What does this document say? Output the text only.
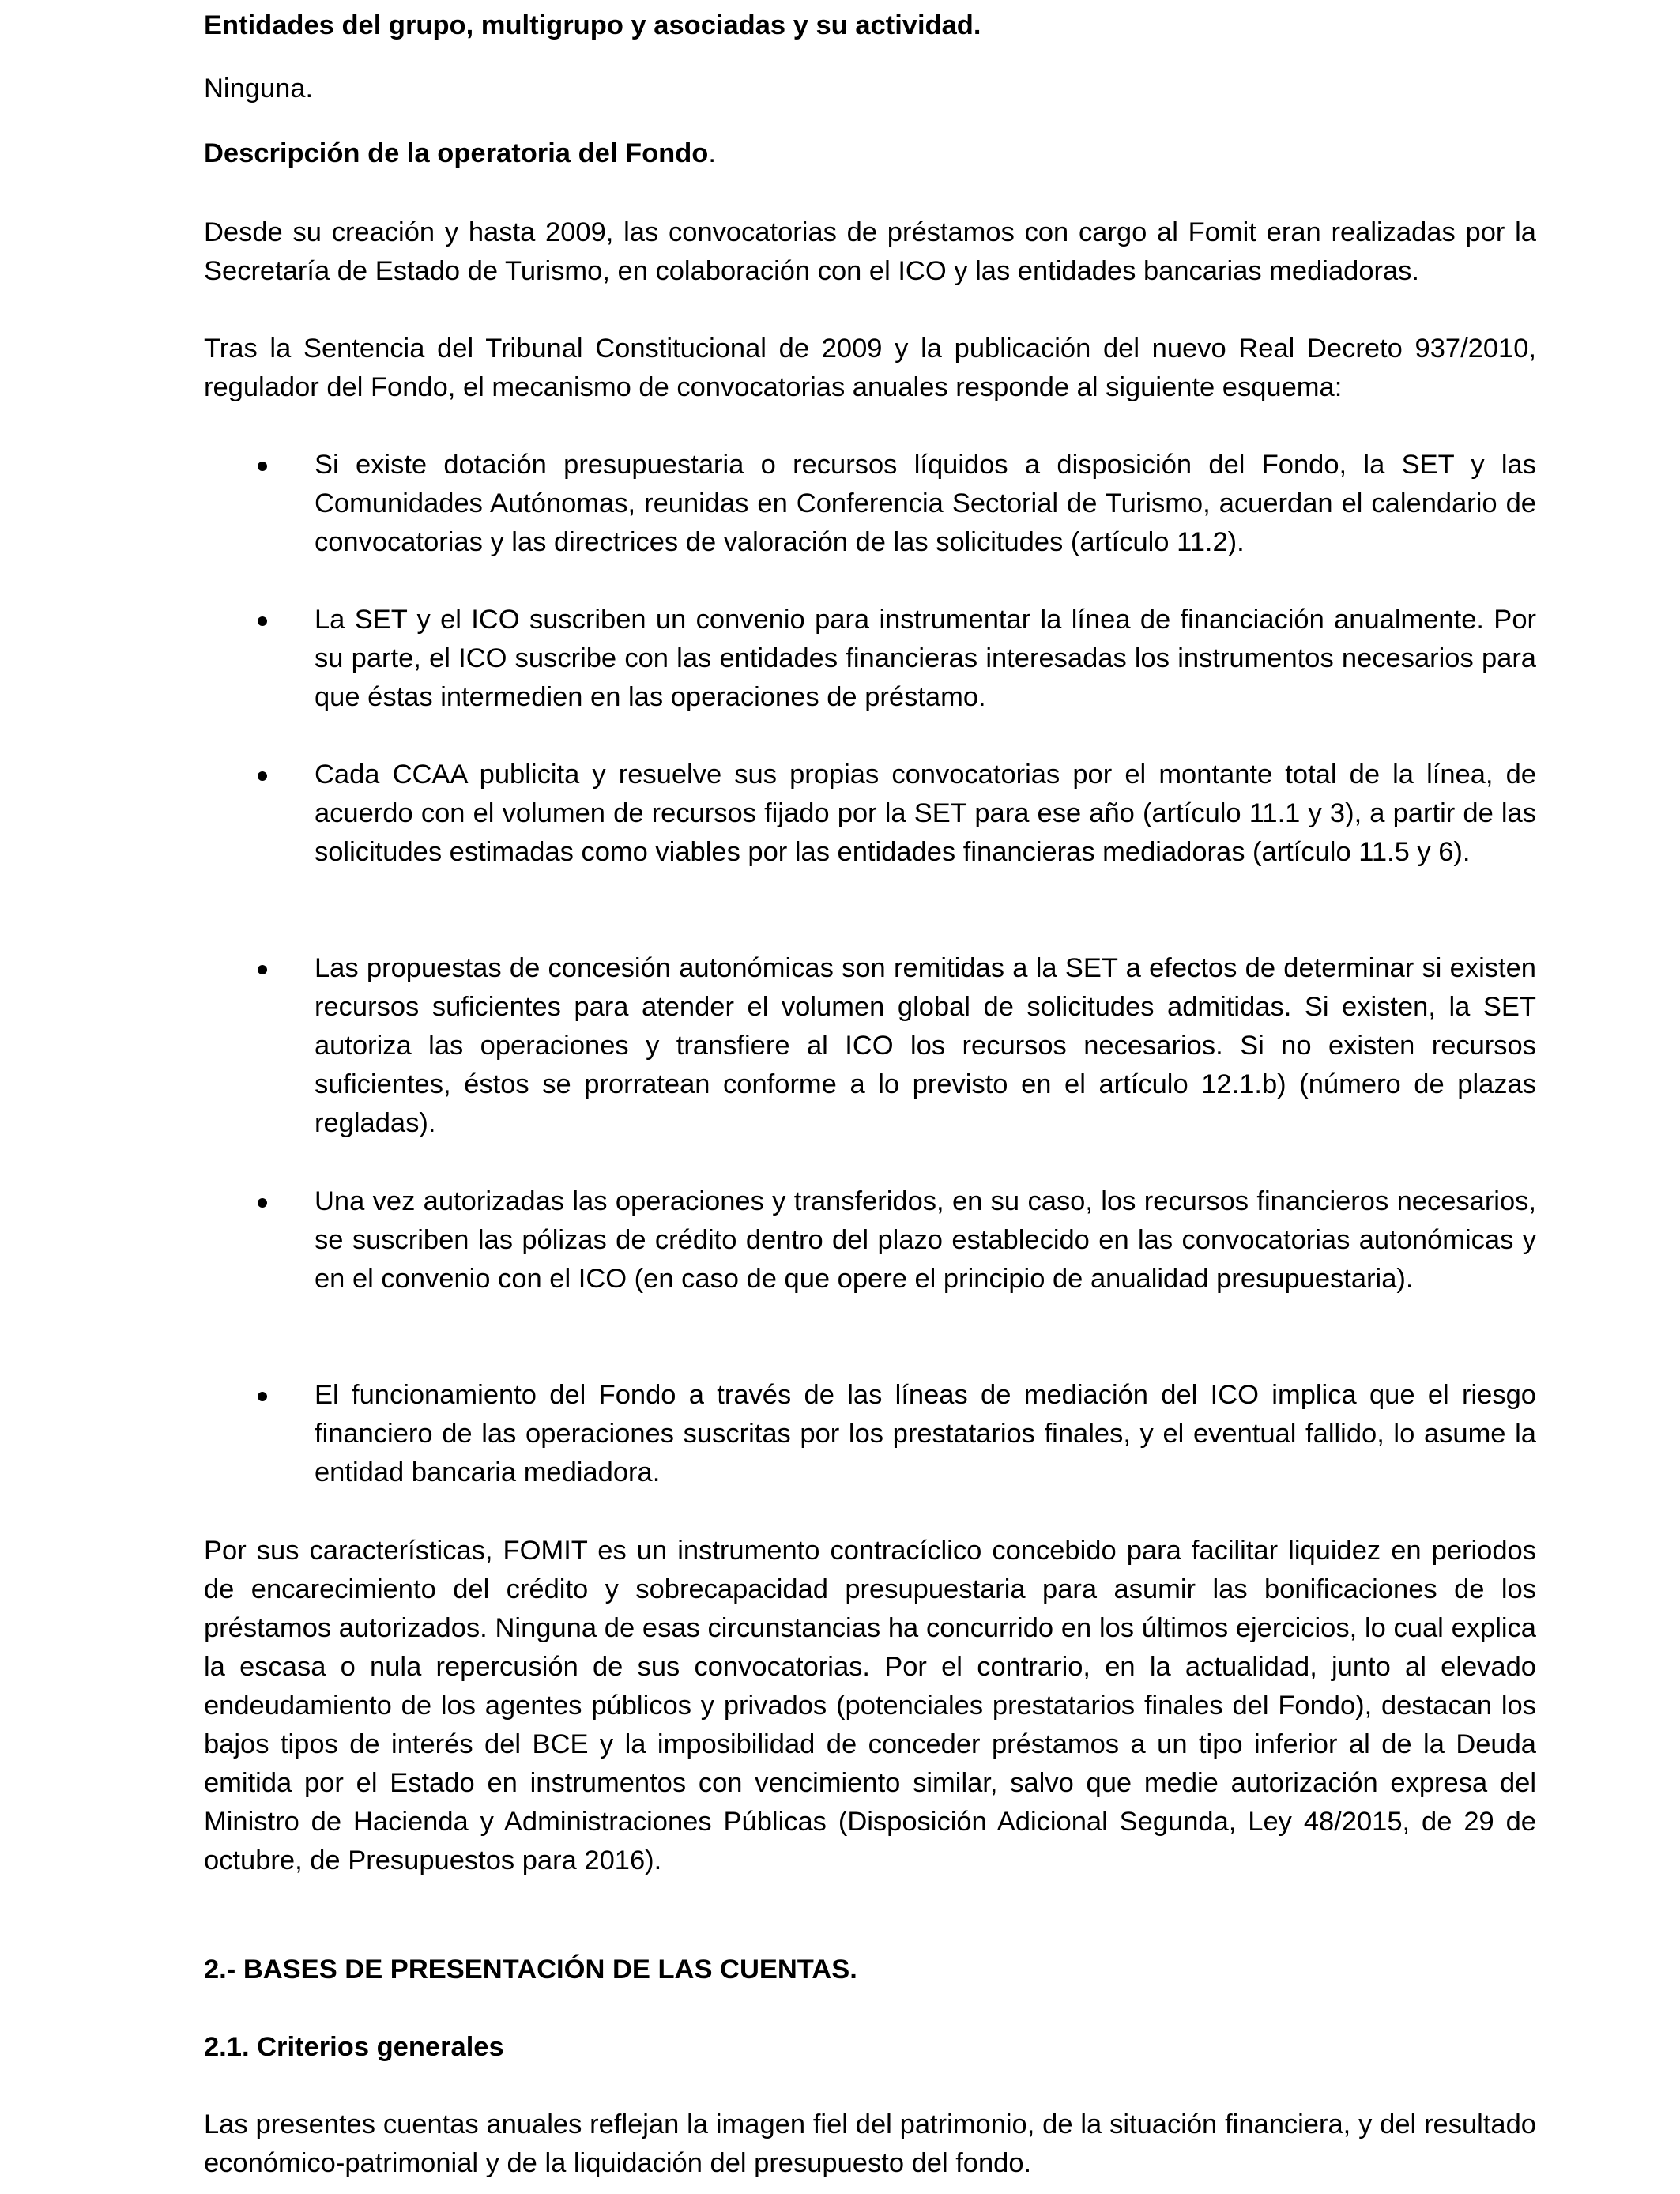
Entidades del grupo, multigrupo y asociadas y su actividad.

Ninguna.

Descripción de la operatoria del Fondo.

Desde su creación y hasta 2009, las convocatorias de préstamos con cargo al Fomit eran realizadas por la Secretaría de Estado de Turismo, en colaboración con el ICO y las entidades bancarias mediadoras.

Tras la Sentencia del Tribunal Constitucional de 2009 y la publicación del nuevo Real Decreto 937/2010, regulador del Fondo, el mecanismo de convocatorias anuales responde al siguiente esquema:

Si existe dotación presupuestaria o recursos líquidos a disposición del Fondo, la SET y las Comunidades Autónomas, reunidas en Conferencia Sectorial de Turismo, acuerdan el calendario de convocatorias y las directrices de valoración de las solicitudes (artículo 11.2).
La SET y el ICO suscriben un convenio para instrumentar la línea de financiación anualmente. Por su parte, el ICO suscribe con las entidades financieras interesadas los instrumentos necesarios para que éstas intermedien en las operaciones de préstamo.
Cada CCAA publicita y resuelve sus propias convocatorias por el montante total de la línea, de acuerdo con el volumen de recursos fijado por la SET para ese año (artículo 11.1 y 3), a partir de las solicitudes estimadas como viables por las entidades financieras mediadoras (artículo 11.5 y 6).
Las propuestas de concesión autonómicas son remitidas a la SET a efectos de determinar si existen recursos suficientes para atender el volumen global de solicitudes admitidas. Si existen, la SET autoriza las operaciones y transfiere al ICO los recursos necesarios. Si no existen recursos suficientes, éstos se prorratean conforme a lo previsto en el artículo 12.1.b) (número de plazas regladas).
Una vez autorizadas las operaciones y transferidos, en su caso, los recursos financieros necesarios, se suscriben las pólizas de crédito dentro del plazo establecido en las convocatorias autonómicas y en el convenio con el ICO (en caso de que opere el principio de anualidad presupuestaria).
El funcionamiento del Fondo a través de las líneas de mediación del ICO implica que el riesgo financiero de las operaciones suscritas por los prestatarios finales, y el eventual fallido, lo asume la entidad bancaria mediadora.

Por sus características, FOMIT es un instrumento contracíclico concebido para facilitar liquidez en periodos de encarecimiento del crédito y sobrecapacidad presupuestaria para asumir las bonificaciones de los préstamos autorizados. Ninguna de esas circunstancias ha concurrido en los últimos ejercicios, lo cual explica la escasa o nula repercusión de sus convocatorias. Por el contrario, en la actualidad, junto al elevado endeudamiento de los agentes públicos y privados (potenciales prestatarios finales del Fondo), destacan los bajos tipos de interés del BCE y la imposibilidad de conceder préstamos a un tipo inferior al de la Deuda emitida por el Estado en instrumentos con vencimiento similar, salvo que medie autorización expresa del Ministro de Hacienda y Administraciones Públicas (Disposición Adicional Segunda, Ley 48/2015, de 29 de octubre, de Presupuestos para 2016).

2.- BASES DE PRESENTACIÓN DE LAS CUENTAS.

2.1. Criterios generales

Las presentes cuentas anuales reflejan la imagen fiel del patrimonio, de la situación financiera, y del resultado económico-patrimonial y de la liquidación del presupuesto del fondo.
